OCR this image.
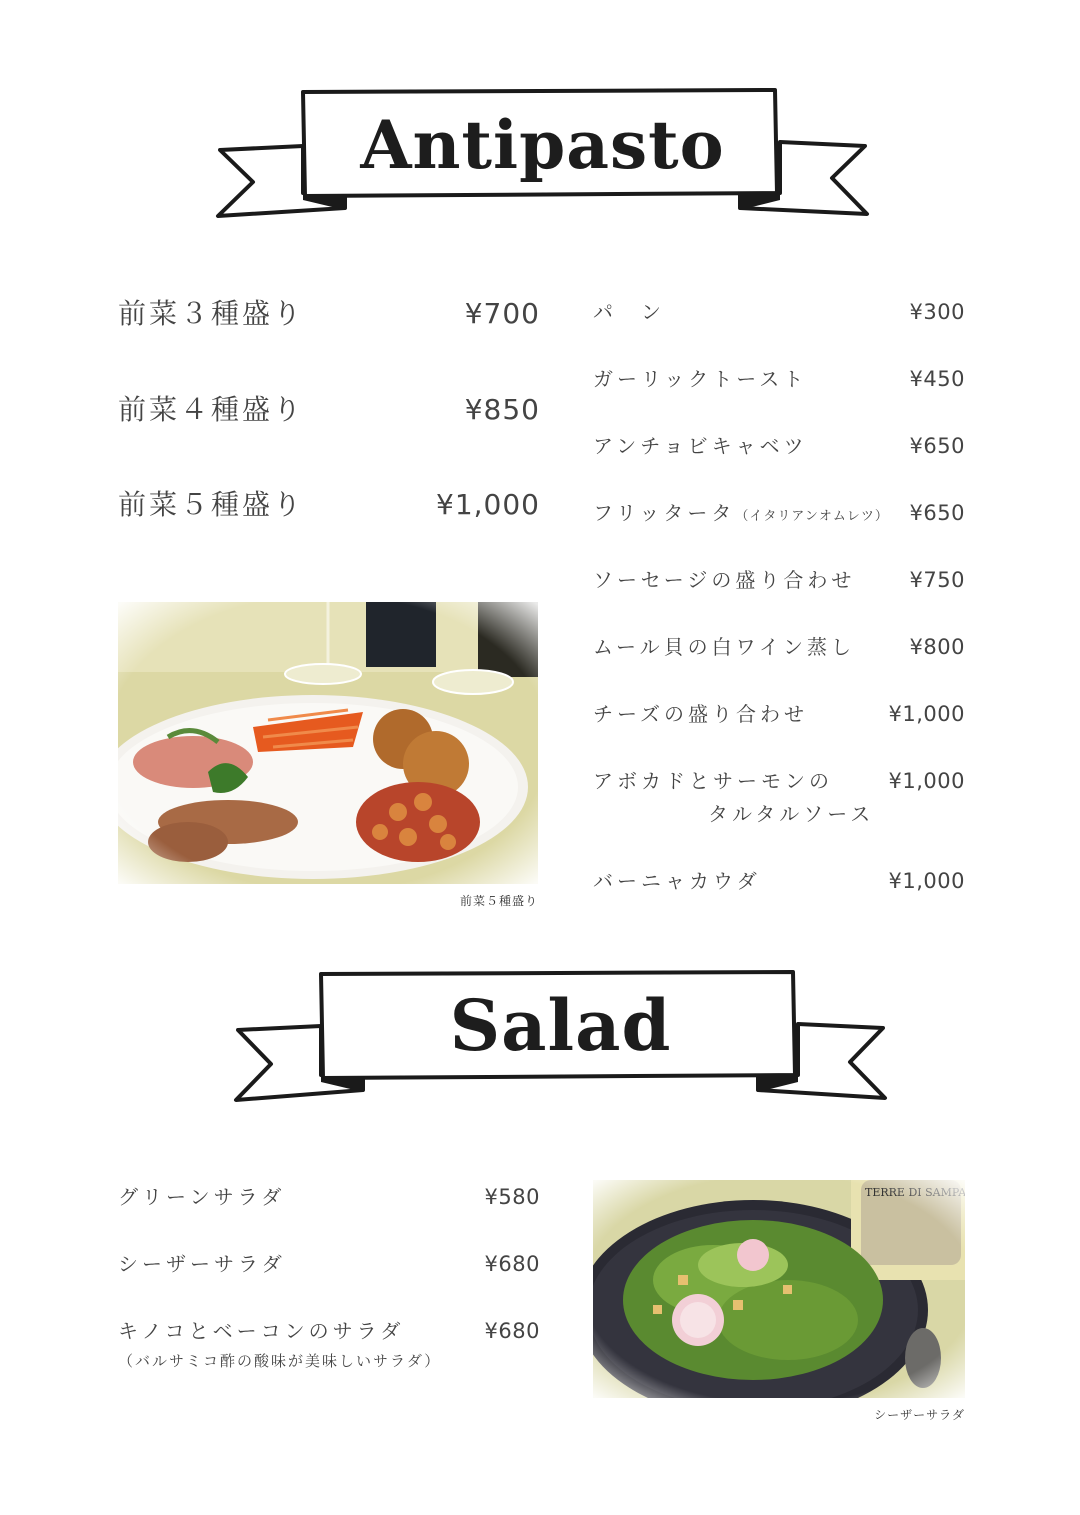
Antipasto
前菜３種盛り	¥700
前菜４種盛り	¥850
前菜５種盛り	¥1,000
前菜５種盛り
パ　ン	¥300
ガーリックトースト	¥450
アンチョビキャベツ	¥650
フリッタータ（イタリアンオムレツ） ¥650
ソーセージの盛り合わせ	¥750
ムール貝の白ワイン蒸し	¥800
チーズの盛り合わせ	¥1,000
アボカドとサーモンの	¥1,000
タルタルソース
バーニャカウダ	¥1,000
Salad
グリーンサラダ	¥580
シーザーサラダ	¥680
キノコとベーコンのサラダ	¥680
（バルサミコ酢の酸味が美味しいサラダ）
シーザーサラダ
